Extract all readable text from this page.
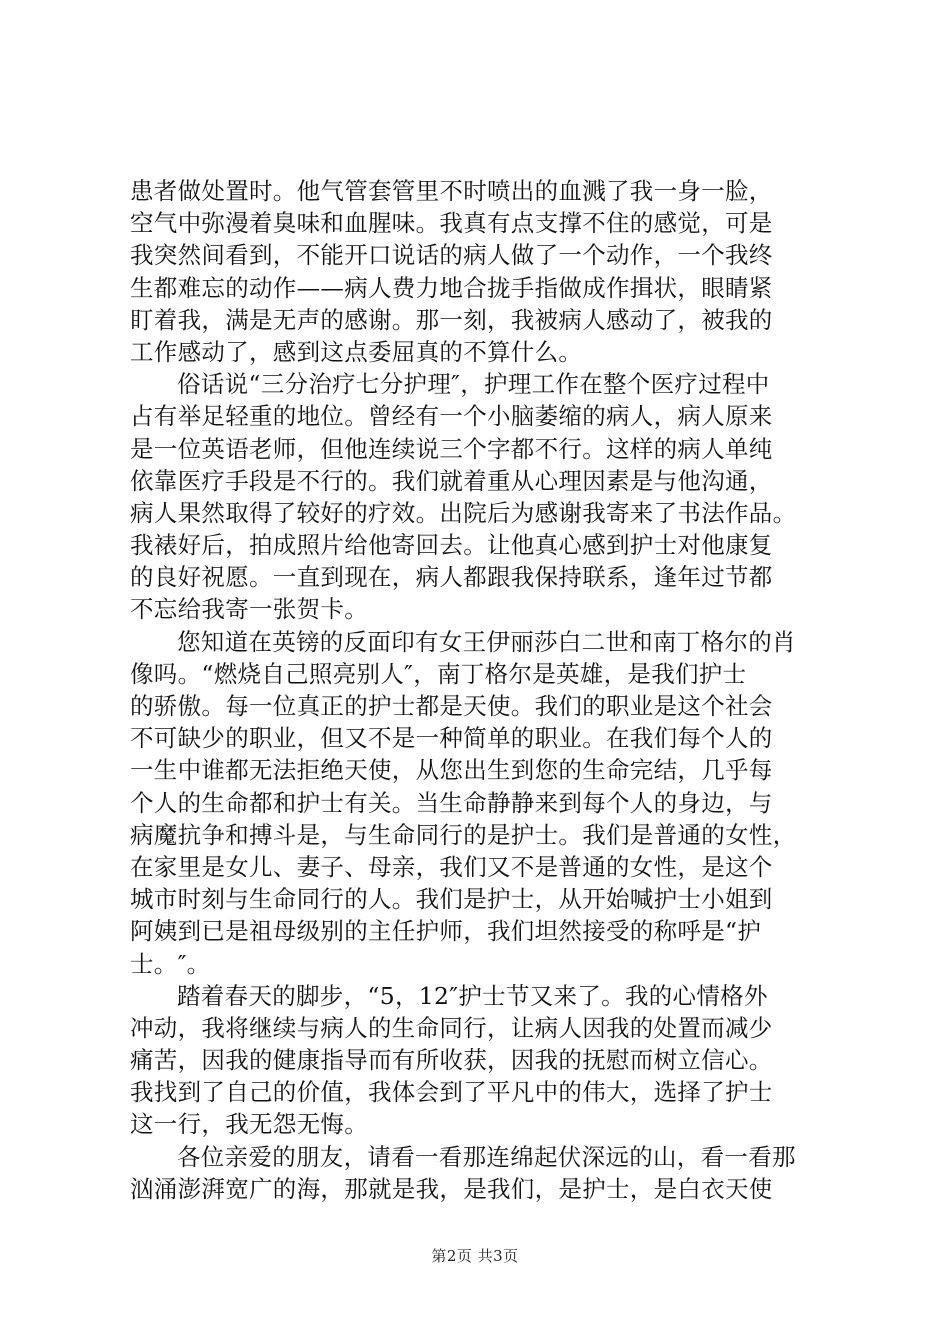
患者做处置时。他气管套管里不时喷出的血溅了我一身一脸，
空气中弥漫着臭味和血腥味。我真有点支撑不住的感觉，可是
我突然间看到，不能开口说话的病人做了一个动作，一个我终
生都难忘的动作——病人费力地合拢手指做成作揖状，眼睛紧
盯着我，满是无声的感谢。那一刻，我被病人感动了，被我的
工作感动了，感到这点委屈真的不算什么。
俗话说“三分治疗七分护理″，护理工作在整个医疗过程中
占有举足轻重的地位。曾经有一个小脑萎缩的病人，病人原来
是一位英语老师，但他连续说三个字都不行。这样的病人单纯
依靠医疗手段是不行的。我们就着重从心理因素是与他沟通，
病人果然取得了较好的疗效。出院后为感谢我寄来了书法作品。
我裱好后，拍成照片给他寄回去。让他真心感到护士对他康复
的良好祝愿。一直到现在，病人都跟我保持联系，逢年过节都
不忘给我寄一张贺卡。
您知道在英镑的反面印有女王伊丽莎白二世和南丁格尔的肖
像吗。“燃烧自己照亮别人″，南丁格尔是英雄，是我们护士
的骄傲。每一位真正的护士都是天使。我们的职业是这个社会
不可缺少的职业，但又不是一种简单的职业。在我们每个人的
一生中谁都无法拒绝天使，从您出生到您的生命完结，几乎每
个人的生命都和护士有关。当生命静静来到每个人的身边，与
病魔抗争和搏斗是，与生命同行的是护士。我们是普通的女性，
在家里是女儿、妻子、母亲，我们又不是普通的女性，是这个
城市时刻与生命同行的人。我们是护士，从开始喊护士小姐到
阿姨到已是祖母级别的主任护师，我们坦然接受的称呼是“护
士。″。
踏着春天的脚步，“5，12″护士节又来了。我的心情格外
冲动，我将继续与病人的生命同行，让病人因我的处置而减少
痛苦，因我的健康指导而有所收获，因我的抚慰而树立信心。
我找到了自己的价值，我体会到了平凡中的伟大，选择了护士
这一行，我无怨无悔。
各位亲爱的朋友，请看一看那连绵起伏深远的山，看一看那
汹涌澎湃宽广的海，那就是我，是我们，是护士，是白衣天使
第2页 共3页
